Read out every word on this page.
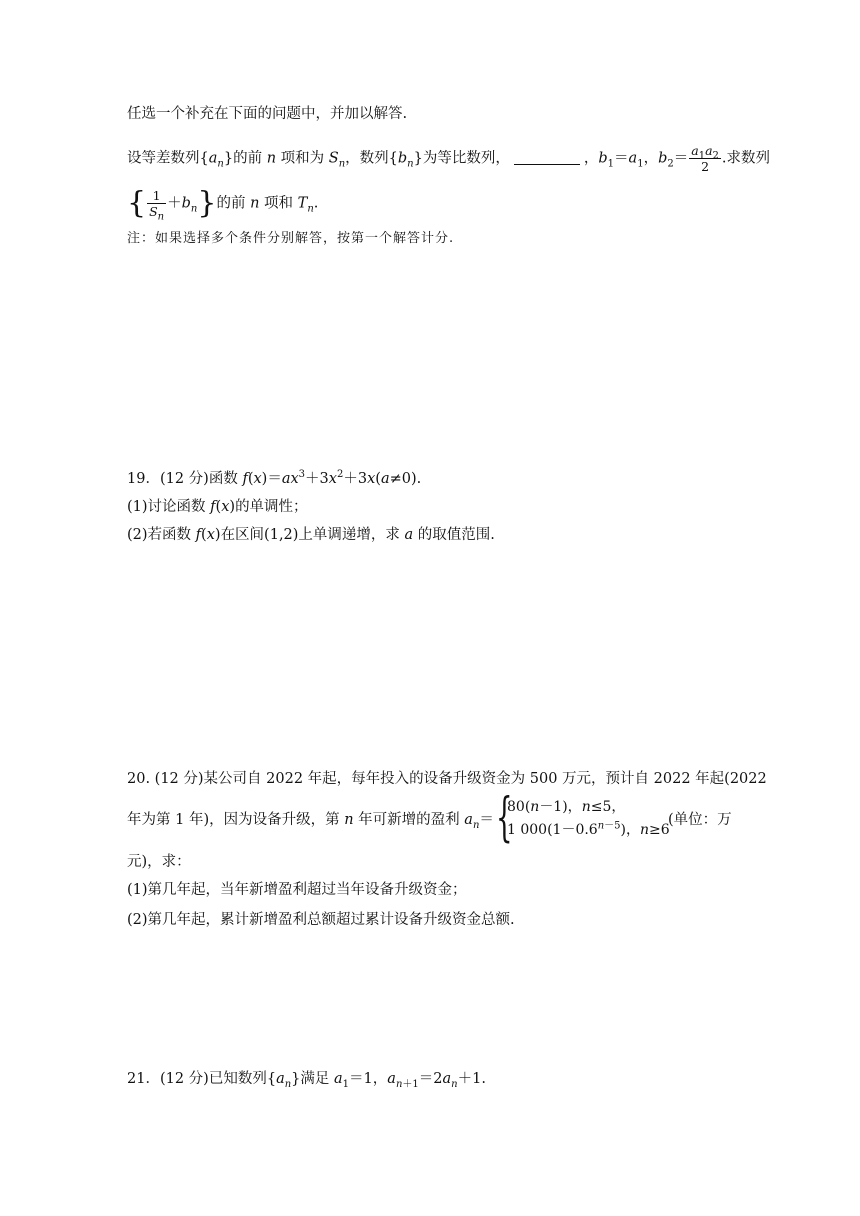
任选一个补充在下面的问题中，并加以解答.
设等差数列$\{a_n\}$的前 n 项和为 $S_n$，数列$\{b_n\}$为等比数列，	，$b_1=a_1$，$b_2= \frac{a_1a_2}{2}$ .求数列
{ $\frac{1}{S_n} +b_n$}的前 n 项和 $T_n$.
注：如果选择多个条件分别解答，按第一个解答计分.
19．(12 分)函数 $f(x)=ax^3+3x^2+3x(a\ne 0)$.
(1)讨论函数 f(x)的单调性；
(2)若函数 f(x)在区间(1,2)上单调递增，求 a 的取值范围.
20. (12 分)某公司自 2022 年起，每年投入的设备升级资金为 500 万元，预计自 2022 年起(2022
年为第 1 年)，因为设备升级，第 n 年可新增的盈利 $a_n=$ {
80(n－1)，n≤5，
1 $000(1-0.6^{n-5})$，n≥6
(单位：万
元)，求：
(1)第几年起，当年新增盈利超过当年设备升级资金；
(2)第几年起，累计新增盈利总额超过累计设备升级资金总额.
21．(12 分)已知数列$\{a_n\}$满足 $a_1=1$，$a_{n+1}=2a_n+1$.
